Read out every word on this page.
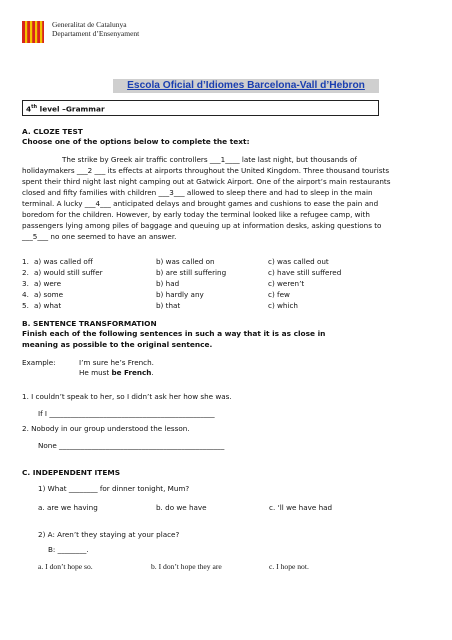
Generalitat de Catalunya
Departament d’Ensenyament
Escola Oficial d’Idiomes Barcelona-Vall d’Hebron
4th level –Grammar
A. CLOZE TEST
Choose one of the options below to complete the text:
The strike by Greek air traffic controllers ___1____ late last night, but thousands of holidaymakers ___2 ___ its effects at airports throughout the United Kingdom. Three thousand tourists spent their third night last night camping out at Gatwick Airport. One of the airport’s main restaurants closed and fifty families with children ___3___ allowed to sleep there and had to sleep in the main terminal. A lucky ___4___ anticipated delays and brought games and cushions to ease the pain and boredom for the children. However, by early today the terminal looked like a refugee camp, with passengers lying among piles of baggage and queuing up at information desks, asking questions to ___5___ no one seemed to have an answer.
1. a) was called off	b) was called on	c) was called out
2. a) would still suffer	b) are still suffering	c) have still suffered
3. a) were	b) had	c) weren’t
4. a) some	b) hardly any	c) few
5. a) what	b) that	c) which
B. SENTENCE TRANSFORMATION
Finish each of the following sentences in such a way that it is as close in meaning as possible to the original sentence.
Example:	I’m sure he’s French.
He must be French.
1. I couldn’t speak to her, so I didn’t ask her how she was.
If I ______________________________________________
2. Nobody in our group understood the lesson.
None ______________________________________________
C. INDEPENDENT ITEMS
1) What ________ for dinner tonight, Mum?
a. are we having	b. do we have	c. ‘ll we have had
2) A: Aren’t they staying at your place?
B: ________.
a. I don’t hope so.	b. I don’t hope they are	c. I hope not.
